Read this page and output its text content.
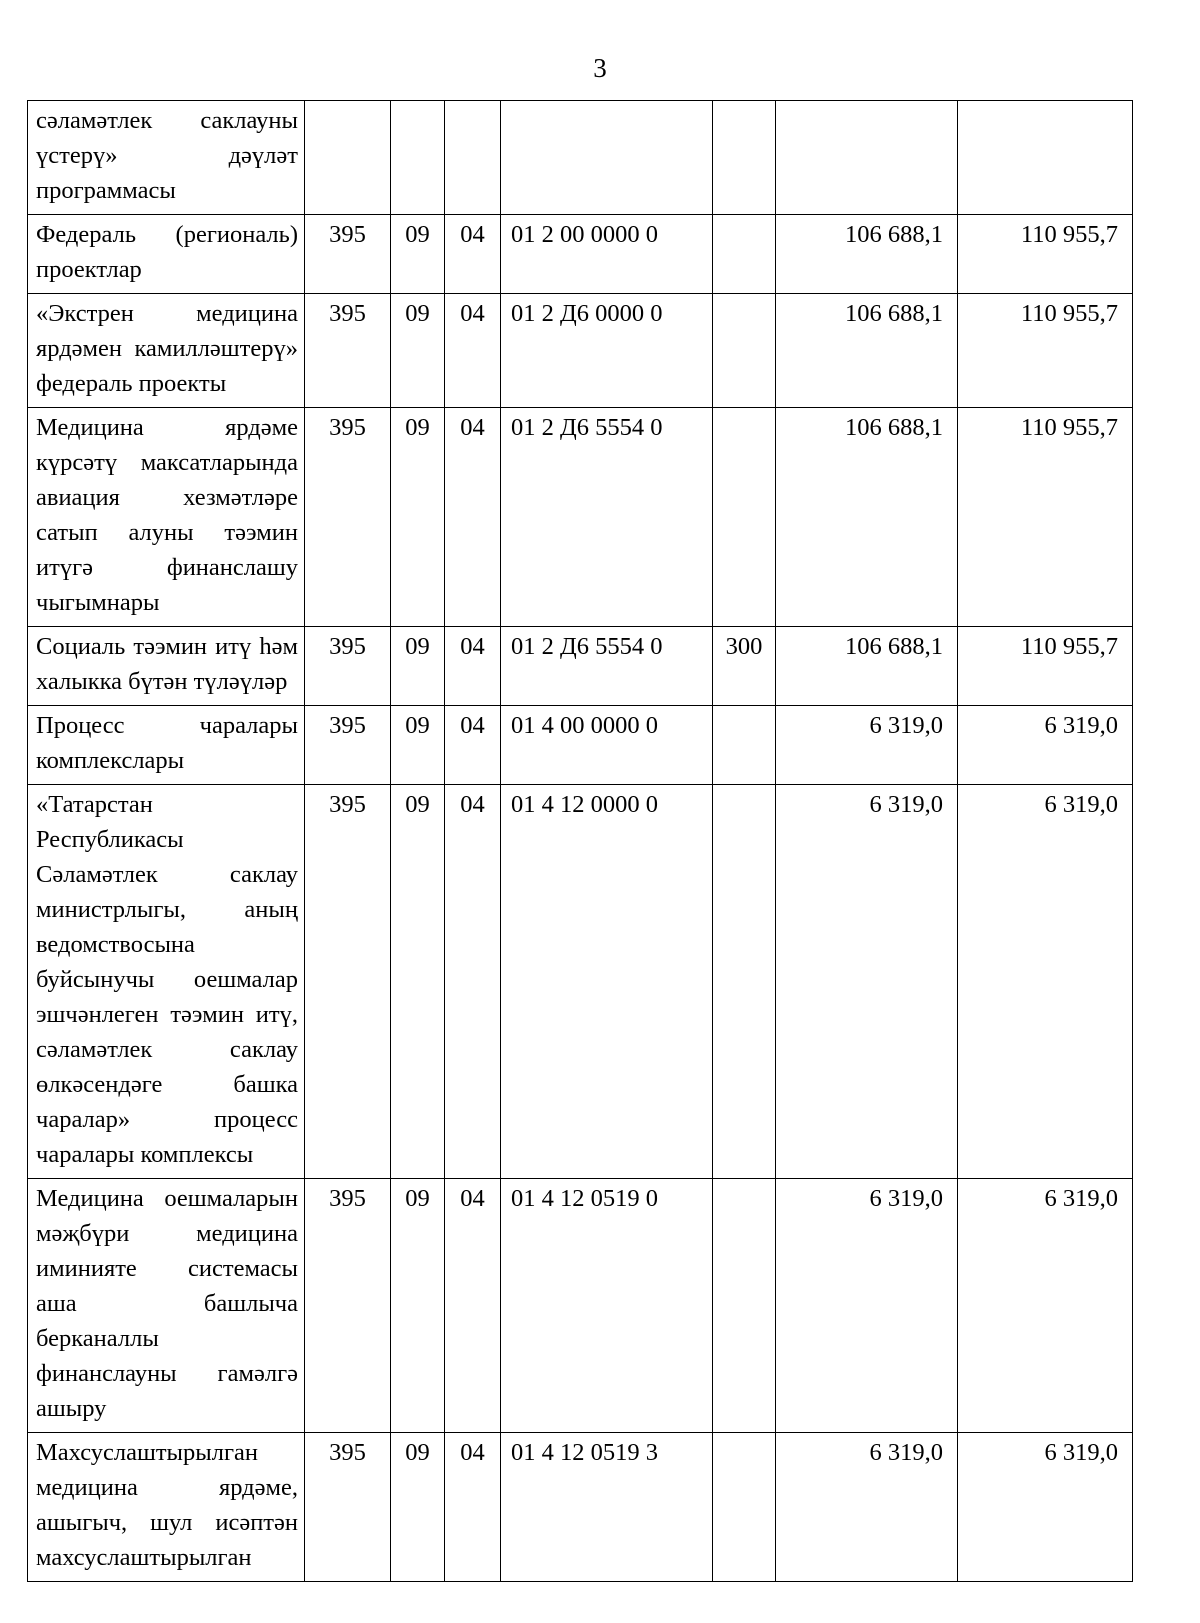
3
сәламәтлек саклауны үстерү» дәүләт программасы							

Федераль (региональ) проектлар	395	09	04	01 2 00 0000 0		106 688,1	110 955,7

«Экстрен медицина ярдәмен камилләштерү» федераль проекты	395	09	04	01 2 Д6 0000 0		106 688,1	110 955,7

Медицина ярдәме күрсәтү максатларында авиация хезмәтләре сатып алуны тәэмин итүгә финанслашу чыгымнары	395	09	04	01 2 Д6 5554 0		106 688,1	110 955,7

Социаль тәэмин итү һәм халыкка бүтән түләүләр	395	09	04	01 2 Д6 5554 0	300	106 688,1	110 955,7

Процесс чаралары комплекслары	395	09	04	01 4 00 0000 0		6 319,0	6 319,0

«Татарстан Республикасы Сәламәтлек саклау министрлыгы, аның ведомствосына буйсынучы оешмалар эшчәнлеген тәэмин итү, сәламәтлек саклау өлкәсендәге башка чаралар» процесс чаралары комплексы	395	09	04	01 4 12 0000 0		6 319,0	6 319,0

Медицина оешмаларын мәҗбүри медицина иминияте системасы аша башлыча берканаллы финанслауны гамәлгә ашыру	395	09	04	01 4 12 0519 0		6 319,0	6 319,0

Махсуслаштырылган медицина ярдәме, ашыгыч, шул исәптән махсуслаштырылган	395	09	04	01 4 12 0519 3		6 319,0	6 319,0
